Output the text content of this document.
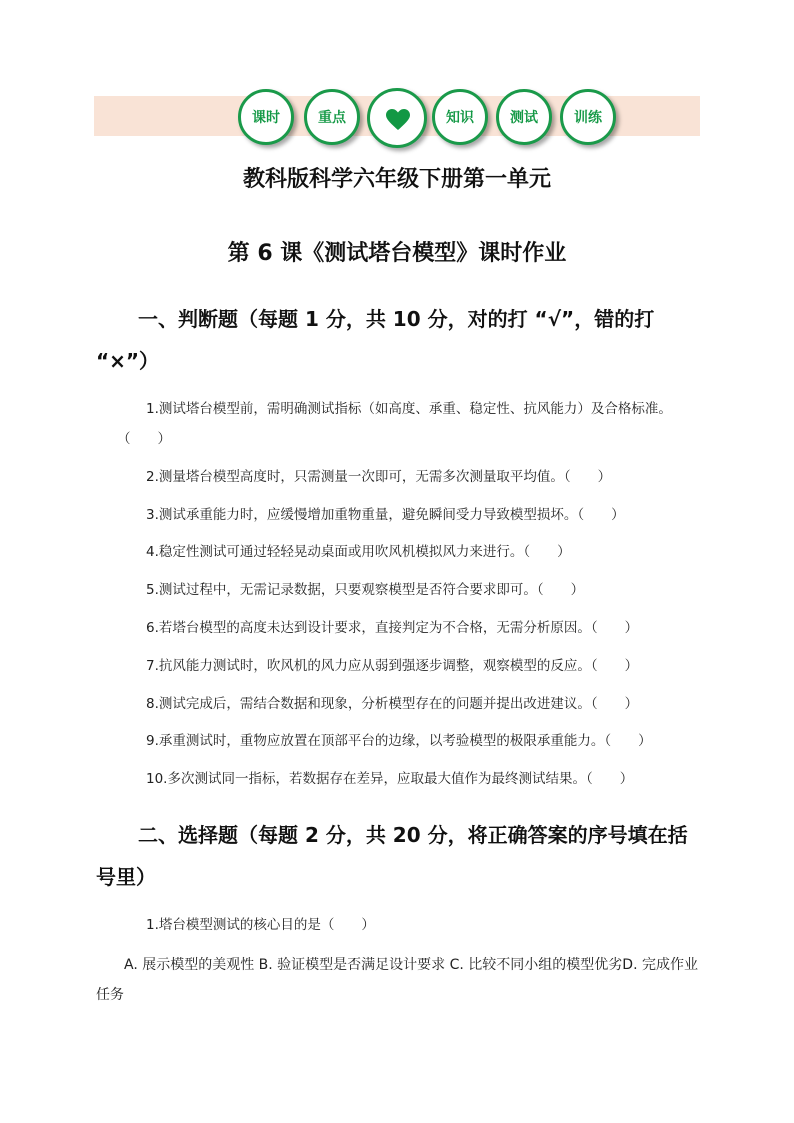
课时	重点	知识	测试	训练
教科版科学六年级下册第一单元
第 6 课《测试塔台模型》课时作业
一、判断题（每题 1 分，共 10 分，对的打 “√”，错的打 “×”）
1.测试塔台模型前，需明确测试指标（如高度、承重、稳定性、抗风能力）及合格标准。（　　）
2.测量塔台模型高度时，只需测量一次即可，无需多次测量取平均值。（　　）
3.测试承重能力时，应缓慢增加重物重量，避免瞬间受力导致模型损坏。（　　）
4.稳定性测试可通过轻轻晃动桌面或用吹风机模拟风力来进行。（　　）
5.测试过程中，无需记录数据，只要观察模型是否符合要求即可。（　　）
6.若塔台模型的高度未达到设计要求，直接判定为不合格，无需分析原因。（　　）
7.抗风能力测试时，吹风机的风力应从弱到强逐步调整，观察模型的反应。（　　）
8.测试完成后，需结合数据和现象，分析模型存在的问题并提出改进建议。（　　）
9.承重测试时，重物应放置在顶部平台的边缘，以考验模型的极限承重能力。（　　）
10.多次测试同一指标，若数据存在差异，应取最大值作为最终测试结果。（　　）
二、选择题（每题 2 分，共 20 分，将正确答案的序号填在括号里）
1.塔台模型测试的核心目的是（　　）
A. 展示模型的美观性 B. 验证模型是否满足设计要求 C. 比较不同小组的模型优劣D. 完成作业任务
